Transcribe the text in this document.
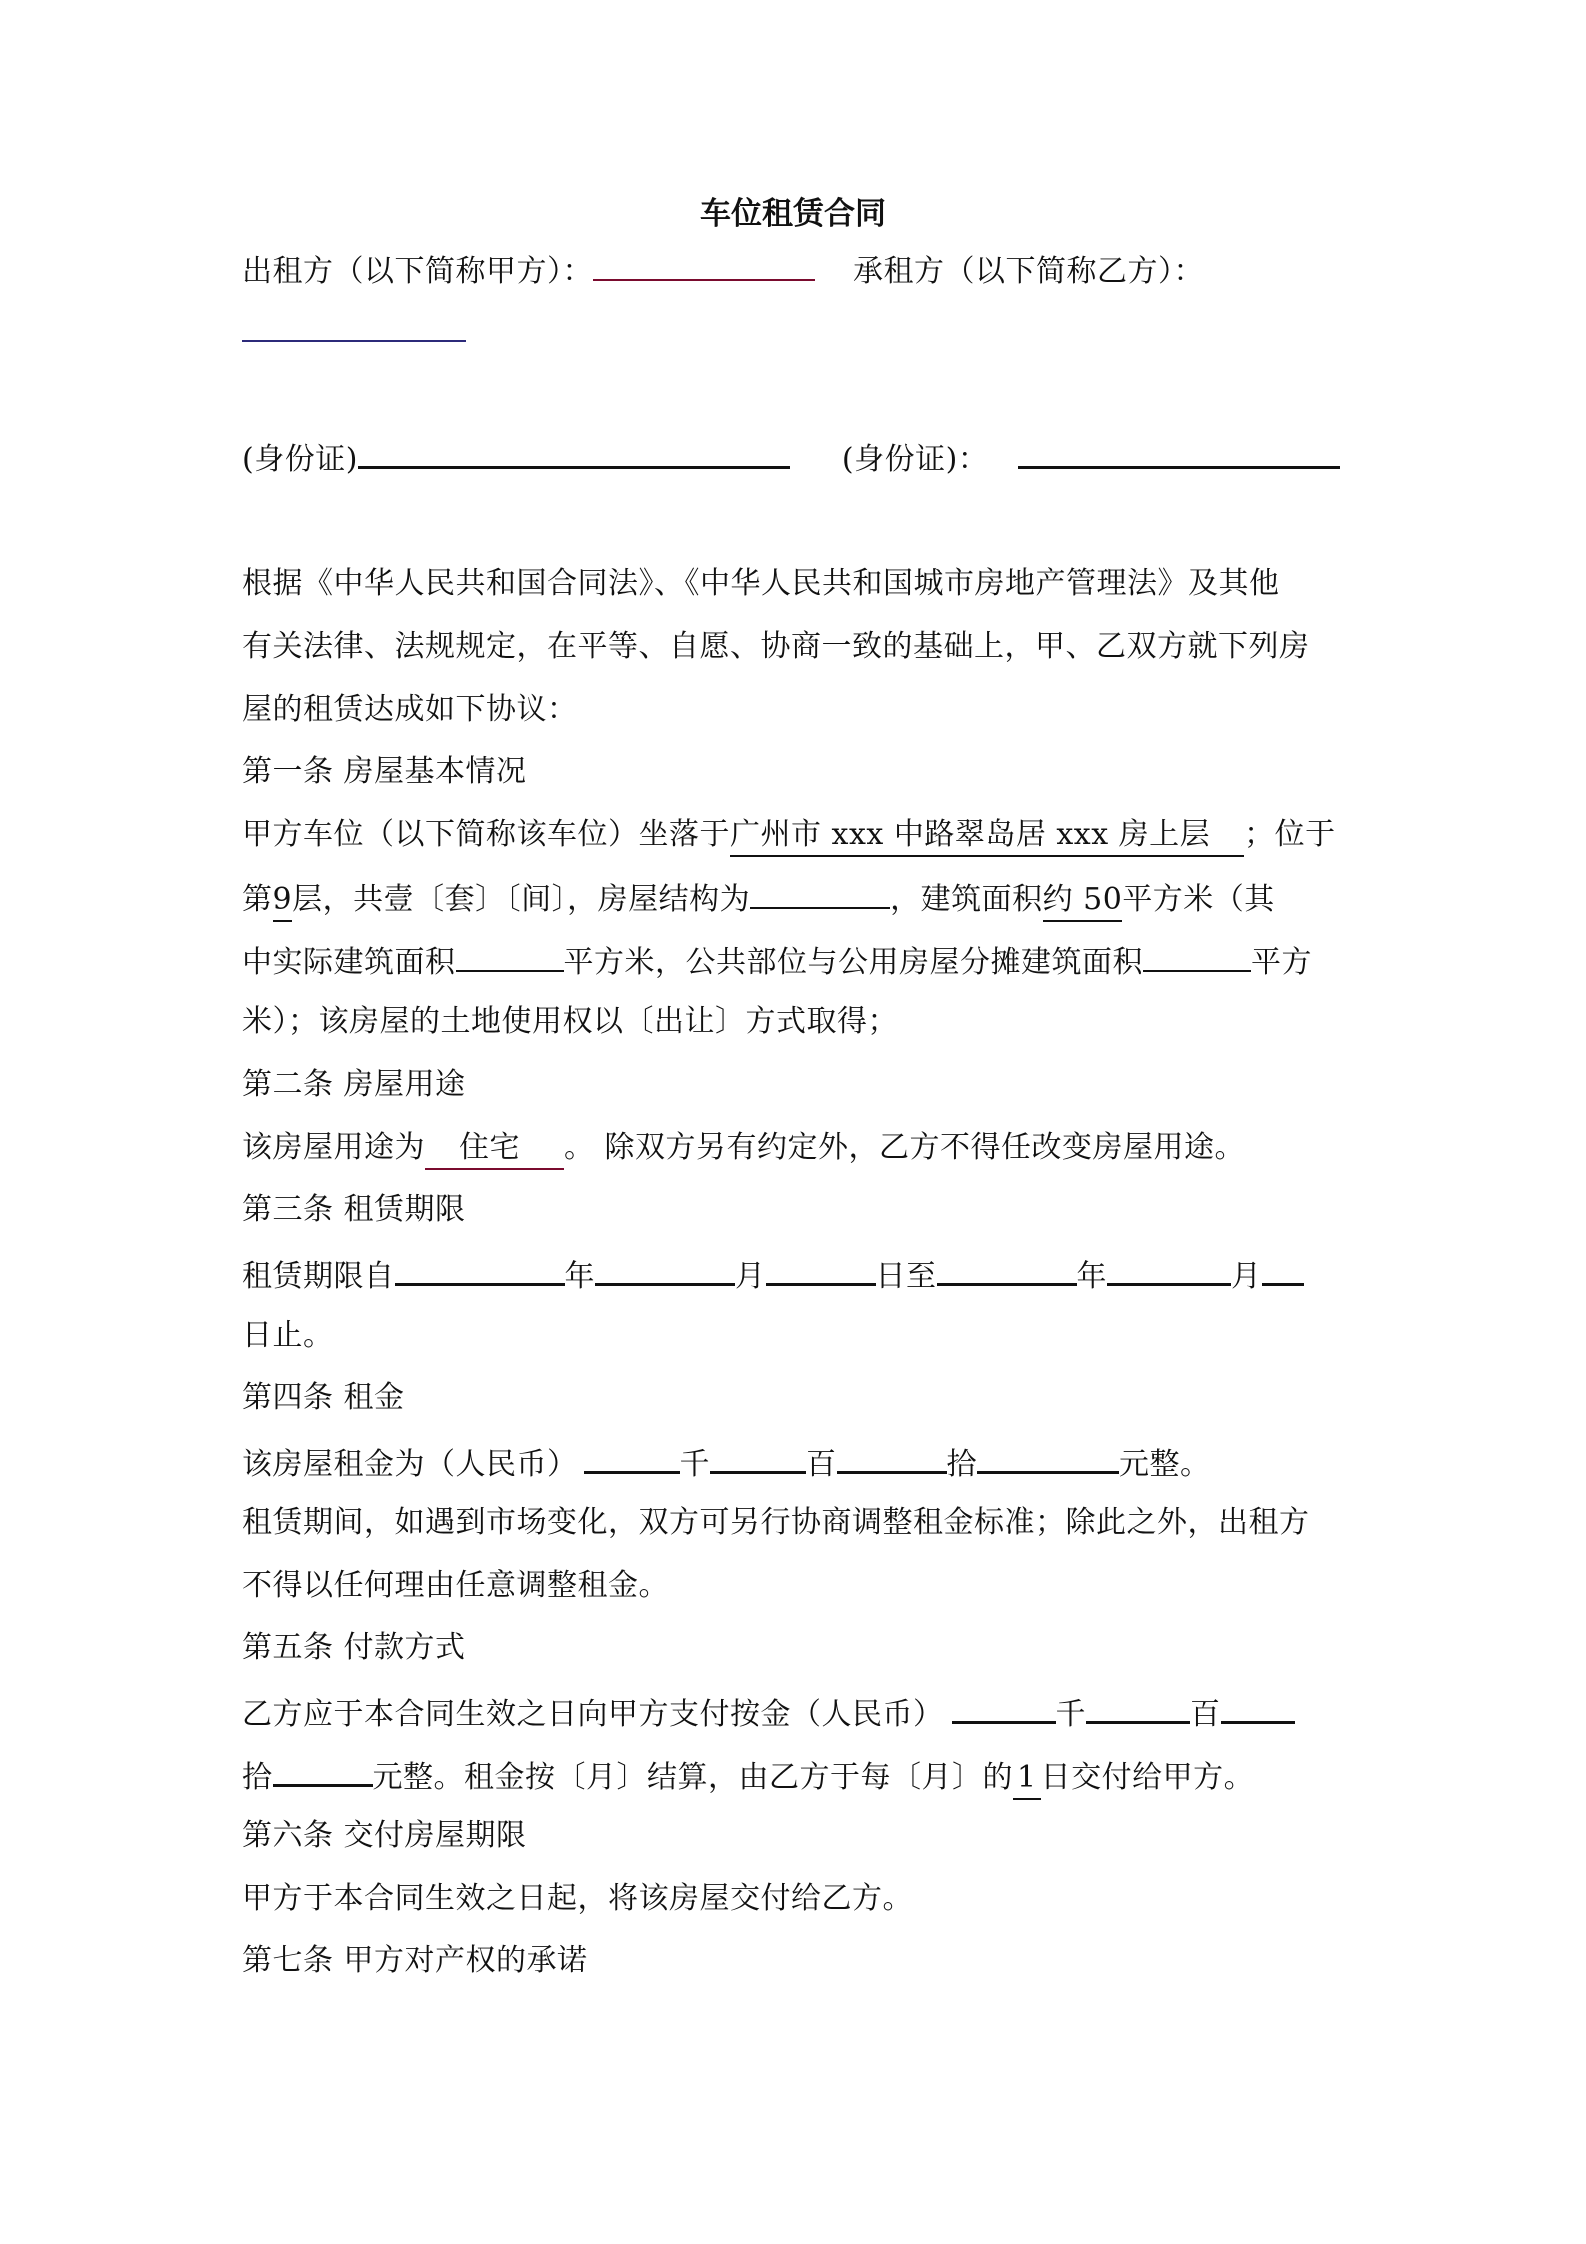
车位租赁合同
出租方（以下简称甲方）：	承租方（以下简称乙方）：
(身份证)	(身份证)：
根据《中华人民共和国合同法》、《中华人民共和国城市房地产管理法》及其他
有关法律、法规规定，在平等、自愿、协商一致的基础上，甲、乙双方就下列房
屋的租赁达成如下协议：
第一条 房屋基本情况
甲方车位（以下简称该车位）坐落于广州市 xxx 中路翠岛居 xxx 房上层 ；位于
第9层，共壹〔套〕〔间〕，房屋结构为	，建筑面积约 50平方米（其
中实际建筑面积	平方米，公共部位与公用房屋分摊建筑面积	平方
米）；该房屋的土地使用权以〔出让〕方式取得；
第二条 房屋用途
该房屋用途为 住宅 。 除双方另有约定外，乙方不得任改变房屋用途。
第三条 租赁期限
租赁期限自	年	月	日至	年	月
日止。
第四条 租金
该房屋租金为（人民币）	千	百	拾	元整。
租赁期间，如遇到市场变化，双方可另行协商调整租金标准；除此之外，出租方
不得以任何理由任意调整租金。
第五条 付款方式
乙方应于本合同生效之日向甲方支付按金（人民币）	千	百
拾	元整。租金按〔月〕结算，由乙方于每〔月〕的 1 日交付给甲方。
第六条 交付房屋期限
甲方于本合同生效之日起，将该房屋交付给乙方。
第七条 甲方对产权的承诺
